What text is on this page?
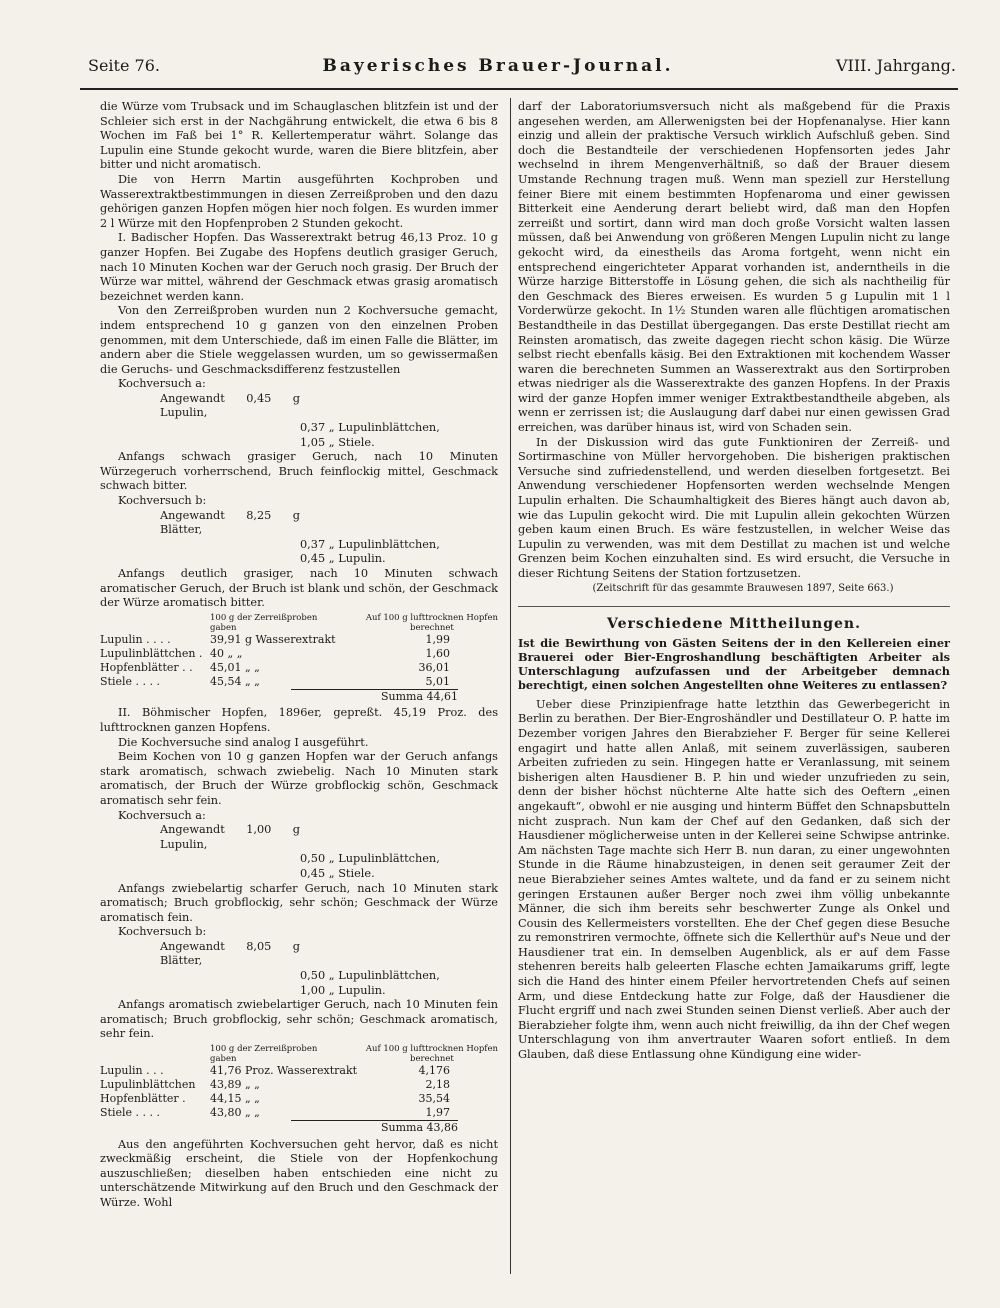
Seite 76.	Bayerisches Brauer-Journal.	VIII. Jahrgang.

die Würze vom Trubsack und im Schauglaschen blitzfein ist und der Schleier sich erst in der Nachgährung entwickelt, die etwa 6 bis 8 Wochen im Faß bei 1° R. Kellertemperatur währt. Solange das Lupulin eine Stunde gekocht wurde, waren die Biere blitzfein, aber bitter und nicht aromatisch.

Die von Herrn Martin ausgeführten Kochproben und Wasserextraktbestimmungen in diesen Zerreißproben und den dazu gehörigen ganzen Hopfen mögen hier noch folgen. Es wurden immer 2 l Würze mit den Hopfenproben 2 Stunden gekocht.

I. Badischer Hopfen. Das Wasserextrakt betrug 46,13 Proz. 10 g ganzer Hopfen. Bei Zugabe des Hopfens deutlich grasiger Geruch, nach 10 Minuten Kochen war der Geruch noch grasig. Der Bruch der Würze war mittel, während der Geschmack etwas grasig aromatisch bezeichnet werden kann.

Von den Zerreißproben wurden nun 2 Kochversuche gemacht, indem entsprechend 10 g ganzen von den einzelnen Proben genommen, mit dem Unterschiede, daß im einen Falle die Blätter, im andern aber die Stiele weggelassen wurden, um so gewissermaßen die Geruchs- und Geschmacksdifferenz festzustellen

Kochversuch a:

Angewandt 0,45 g Lupulin,
0,37 „ Lupulinblättchen,
1,05 „ Stiele.

Anfangs schwach grasiger Geruch, nach 10 Minuten Würzegeruch vorherrschend, Bruch feinflockig mittel, Geschmack schwach bitter.

Kochversuch b:

Angewandt 8,25 g Blätter,
0,37 „ Lupulinblättchen,
0,45 „ Lupulin.

Anfangs deutlich grasiger, nach 10 Minuten schwach aromatischer Geruch, der Bruch ist blank und schön, der Geschmack der Würze aromatisch bitter.

100 g der Zerreißproben gaben
Auf 100 g lufttrocknen Hopfen berechnet
Lupulin . . . .	39,91 g Wasserextrakt	1,99
Lupulinblättchen . 40 „ „	1,60
Hopfenblätter . .	45,01 „ „	36,01
Stiele . . . .	45,54 „ „	5,01
Summa 44,61

II. Böhmischer Hopfen, 1896er, gepreßt. 45,19 Proz. des lufttrocknen ganzen Hopfens.

Die Kochversuche sind analog I ausgeführt.

Beim Kochen von 10 g ganzen Hopfen war der Geruch anfangs stark aromatisch, schwach zwiebelig. Nach 10 Minuten stark aromatisch, der Bruch der Würze grobflockig schön, Geschmack aromatisch sehr fein.

Kochversuch a:

Angewandt 1,00 g Lupulin,
0,50 „ Lupulinblättchen,
0,45 „ Stiele.

Anfangs zwiebelartig scharfer Geruch, nach 10 Minuten stark aromatisch; Bruch grobflockig, sehr schön; Geschmack der Würze aromatisch fein.

Kochversuch b:

Angewandt 8,05 g Blätter,
0,50 „ Lupulinblättchen,
1,00 „ Lupulin.

Anfangs aromatisch zwiebelartiger Geruch, nach 10 Minuten fein aromatisch; Bruch grobflockig, sehr schön; Geschmack aromatisch, sehr fein.

100 g der Zerreißproben gaben
Auf 100 g lufttrocknen Hopfen berechnet
Lupulin . . .	41,76 Proz. Wasserextrakt	4,176
Lupulinblättchen	43,89 „ „	2,18
Hopfenblätter .	44,15 „ „	35,54
Stiele . . . .	43,80 „ „	1,97
Summa 43,86

Aus den angeführten Kochversuchen geht hervor, daß es nicht zweckmäßig erscheint, die Stiele von der Hopfenkochung auszuschließen; dieselben haben entschieden eine nicht zu unterschätzende Mitwirkung auf den Bruch und den Geschmack der Würze. Wohl

darf der Laboratoriumsversuch nicht als maßgebend für die Praxis angesehen werden, am Allerwenigsten bei der Hopfenanalyse. Hier kann einzig und allein der praktische Versuch wirklich Aufschluß geben. Sind doch die Bestandteile der verschiedenen Hopfensorten jedes Jahr wechselnd in ihrem Mengenverhältniß, so daß der Brauer diesem Umstande Rechnung tragen muß. Wenn man speziell zur Herstellung feiner Biere mit einem bestimmten Hopfenaroma und einer gewissen Bitterkeit eine Aenderung derart beliebt wird, daß man den Hopfen zerreißt und sortirt, dann wird man doch große Vorsicht walten lassen müssen, daß bei Anwendung von größeren Mengen Lupulin nicht zu lange gekocht wird, da einestheils das Aroma fortgeht, wenn nicht ein entsprechend eingerichteter Apparat vorhanden ist, anderntheils in die Würze harzige Bitterstoffe in Lösung gehen, die sich als nachtheilig für den Geschmack des Bieres erweisen. Es wurden 5 g Lupulin mit 1 l Vorderwürze gekocht. In 1½ Stunden waren alle flüchtigen aromatischen Bestandtheile in das Destillat übergegangen. Das erste Destillat riecht am Reinsten aromatisch, das zweite dagegen riecht schon käsig. Die Würze selbst riecht ebenfalls käsig. Bei den Extraktionen mit kochendem Wasser waren die berechneten Summen an Wasserextrakt aus den Sortirproben etwas niedriger als die Wasserextrakte des ganzen Hopfens. In der Praxis wird der ganze Hopfen immer weniger Extraktbestandtheile abgeben, als wenn er zerrissen ist; die Auslaugung darf dabei nur einen gewissen Grad erreichen, was darüber hinaus ist, wird von Schaden sein.

In der Diskussion wird das gute Funktioniren der Zerreiß- und Sortirmaschine von Müller hervorgehoben. Die bisherigen praktischen Versuche sind zufriedenstellend, und werden dieselben fortgesetzt. Bei Anwendung verschiedener Hopfensorten werden wechselnde Mengen Lupulin erhalten. Die Schaumhaltigkeit des Bieres hängt auch davon ab, wie das Lupulin gekocht wird. Die mit Lupulin allein gekochten Würzen geben kaum einen Bruch. Es wäre festzustellen, in welcher Weise das Lupulin zu verwenden, was mit dem Destillat zu machen ist und welche Grenzen beim Kochen einzuhalten sind. Es wird ersucht, die Versuche in dieser Richtung Seitens der Station fortzusetzen.

(Zeitschrift für das gesammte Brauwesen 1897, Seite 663.)

Verschiedene Mittheilungen.
Ist die Bewirthung von Gästen Seitens der in den Kellereien einer Brauerei oder Bier-Engroshandlung beschäftigten Arbeiter als Unterschlagung aufzufassen und der Arbeitgeber demnach berechtigt, einen solchen Angestellten ohne Weiteres zu entlassen?

Ueber diese Prinzipienfrage hatte letzthin das Gewerbegericht in Berlin zu berathen. Der Bier-Engroshändler und Destillateur O. P. hatte im Dezember vorigen Jahres den Bierabzieher F. Berger für seine Kellerei engagirt und hatte allen Anlaß, mit seinem zuverlässigen, sauberen Arbeiten zufrieden zu sein. Hingegen hatte er Veranlassung, mit seinem bisherigen alten Hausdiener B. P. hin und wieder unzufrieden zu sein, denn der bisher höchst nüchterne Alte hatte sich des Oeftern „einen angekauft“, obwohl er nie ausging und hinterm Büffet den Schnapsbutteln nicht zusprach. Nun kam der Chef auf den Gedanken, daß sich der Hausdiener möglicherweise unten in der Kellerei seine Schwipse antrinke. Am nächsten Tage machte sich Herr B. nun daran, zu einer ungewohnten Stunde in die Räume hinabzusteigen, in denen seit geraumer Zeit der neue Bierabzieher seines Amtes waltete, und da fand er zu seinem nicht geringen Erstaunen außer Berger noch zwei ihm völlig unbekannte Männer, die sich ihm bereits sehr beschwerter Zunge als Onkel und Cousin des Kellermeisters vorstellten. Ehe der Chef gegen diese Besuche zu remonstriren vermochte, öffnete sich die Kellerthür auf's Neue und der Hausdiener trat ein. In demselben Augenblick, als er auf dem Fasse stehenren bereits halb geleerten Flasche echten Jamaikarums griff, legte sich die Hand des hinter einem Pfeiler hervortretenden Chefs auf seinen Arm, und diese Entdeckung hatte zur Folge, daß der Hausdiener die Flucht ergriff und nach zwei Stunden seinen Dienst verließ. Aber auch der Bierabzieher folgte ihm, wenn auch nicht freiwillig, da ihn der Chef wegen Unterschlagung von ihm anvertrauter Waaren sofort entließ. In dem Glauben, daß diese Entlassung ohne Kündigung eine wider-
